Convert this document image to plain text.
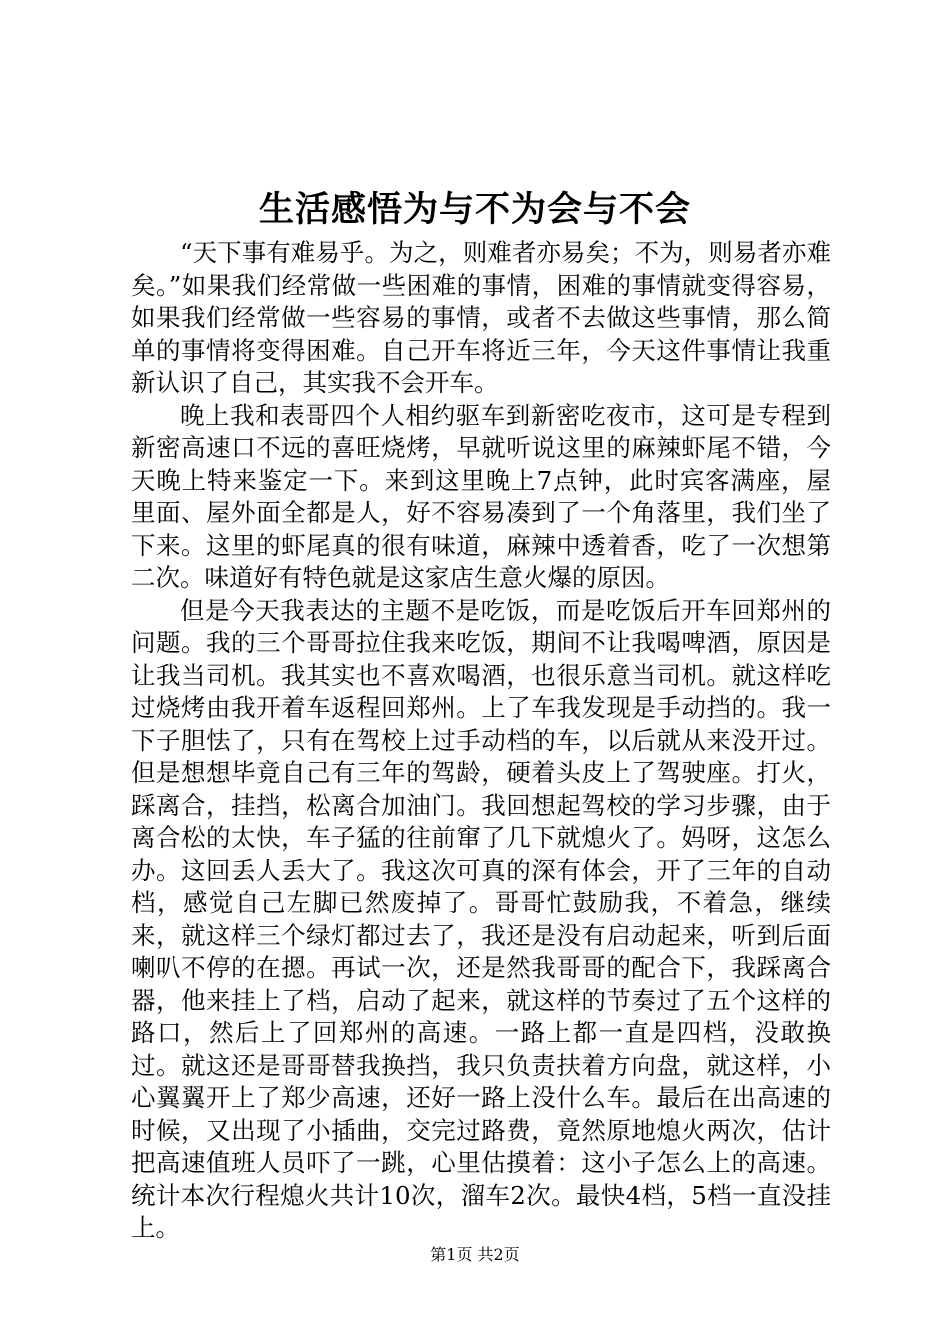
生活感悟为与不为会与不会

“天下事有难易乎。为之，则难者亦易矣；不为，则易者亦难矣。”如果我们经常做一些困难的事情，困难的事情就变得容易，如果我们经常做一些容易的事情，或者不去做这些事情，那么简单的事情将变得困难。自己开车将近三年，今天这件事情让我重新认识了自己，其实我不会开车。

晚上我和表哥四个人相约驱车到新密吃夜市，这可是专程到新密高速口不远的喜旺烧烤，早就听说这里的麻辣虾尾不错，今天晚上特来鉴定一下。来到这里晚上7点钟，此时宾客满座，屋里面、屋外面全都是人，好不容易凑到了一个角落里，我们坐了下来。这里的虾尾真的很有味道，麻辣中透着香，吃了一次想第二次。味道好有特色就是这家店生意火爆的原因。

但是今天我表达的主题不是吃饭，而是吃饭后开车回郑州的问题。我的三个哥哥拉住我来吃饭，期间不让我喝啤酒，原因是让我当司机。我其实也不喜欢喝酒，也很乐意当司机。就这样吃过烧烤由我开着车返程回郑州。上了车我发现是手动挡的。我一下子胆怯了，只有在驾校上过手动档的车，以后就从来没开过。但是想想毕竟自己有三年的驾龄，硬着头皮上了驾驶座。打火，踩离合，挂挡，松离合加油门。我回想起驾校的学习步骤，由于离合松的太快，车子猛的往前窜了几下就熄火了。妈呀，这怎么办。这回丢人丢大了。我这次可真的深有体会，开了三年的自动档，感觉自己左脚已然废掉了。哥哥忙鼓励我，不着急，继续来，就这样三个绿灯都过去了，我还是没有启动起来，听到后面喇叭不停的在摁。再试一次，还是然我哥哥的配合下，我踩离合器，他来挂上了档，启动了起来，就这样的节奏过了五个这样的路口，然后上了回郑州的高速。一路上都一直是四档，没敢换过。就这还是哥哥替我换挡，我只负责扶着方向盘，就这样，小心翼翼开上了郑少高速，还好一路上没什么车。最后在出高速的时候，又出现了小插曲，交完过路费，竟然原地熄火两次，估计把高速值班人员吓了一跳，心里估摸着：这小子怎么上的高速。统计本次行程熄火共计10次，溜车2次。最快4档，5档一直没挂上。

第1页 共2页
